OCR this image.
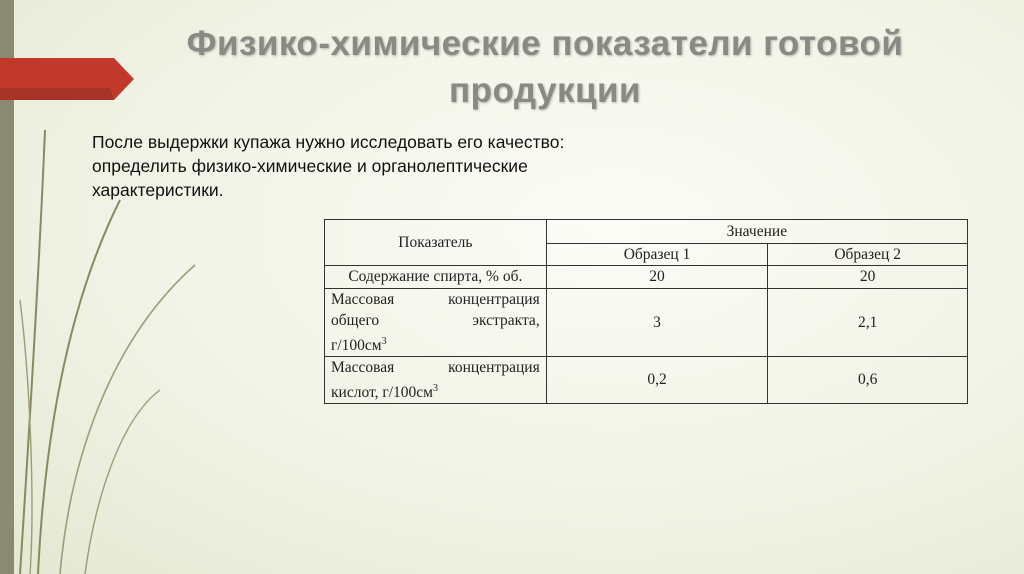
Физико-химические показатели готовой
продукции
После выдержки купажа нужно исследовать его качество:
определить физико-химические и органолептические
характеристики.
Показатель	Значение	
	Образец 1	Образец 2
Содержание спирта, % об.	20	20
Массовая концентрация общего экстракта,
$г/100см^3$	3	2,1
Массовая концентрация
кислот, $г/100см^3$	0,2	0,6
